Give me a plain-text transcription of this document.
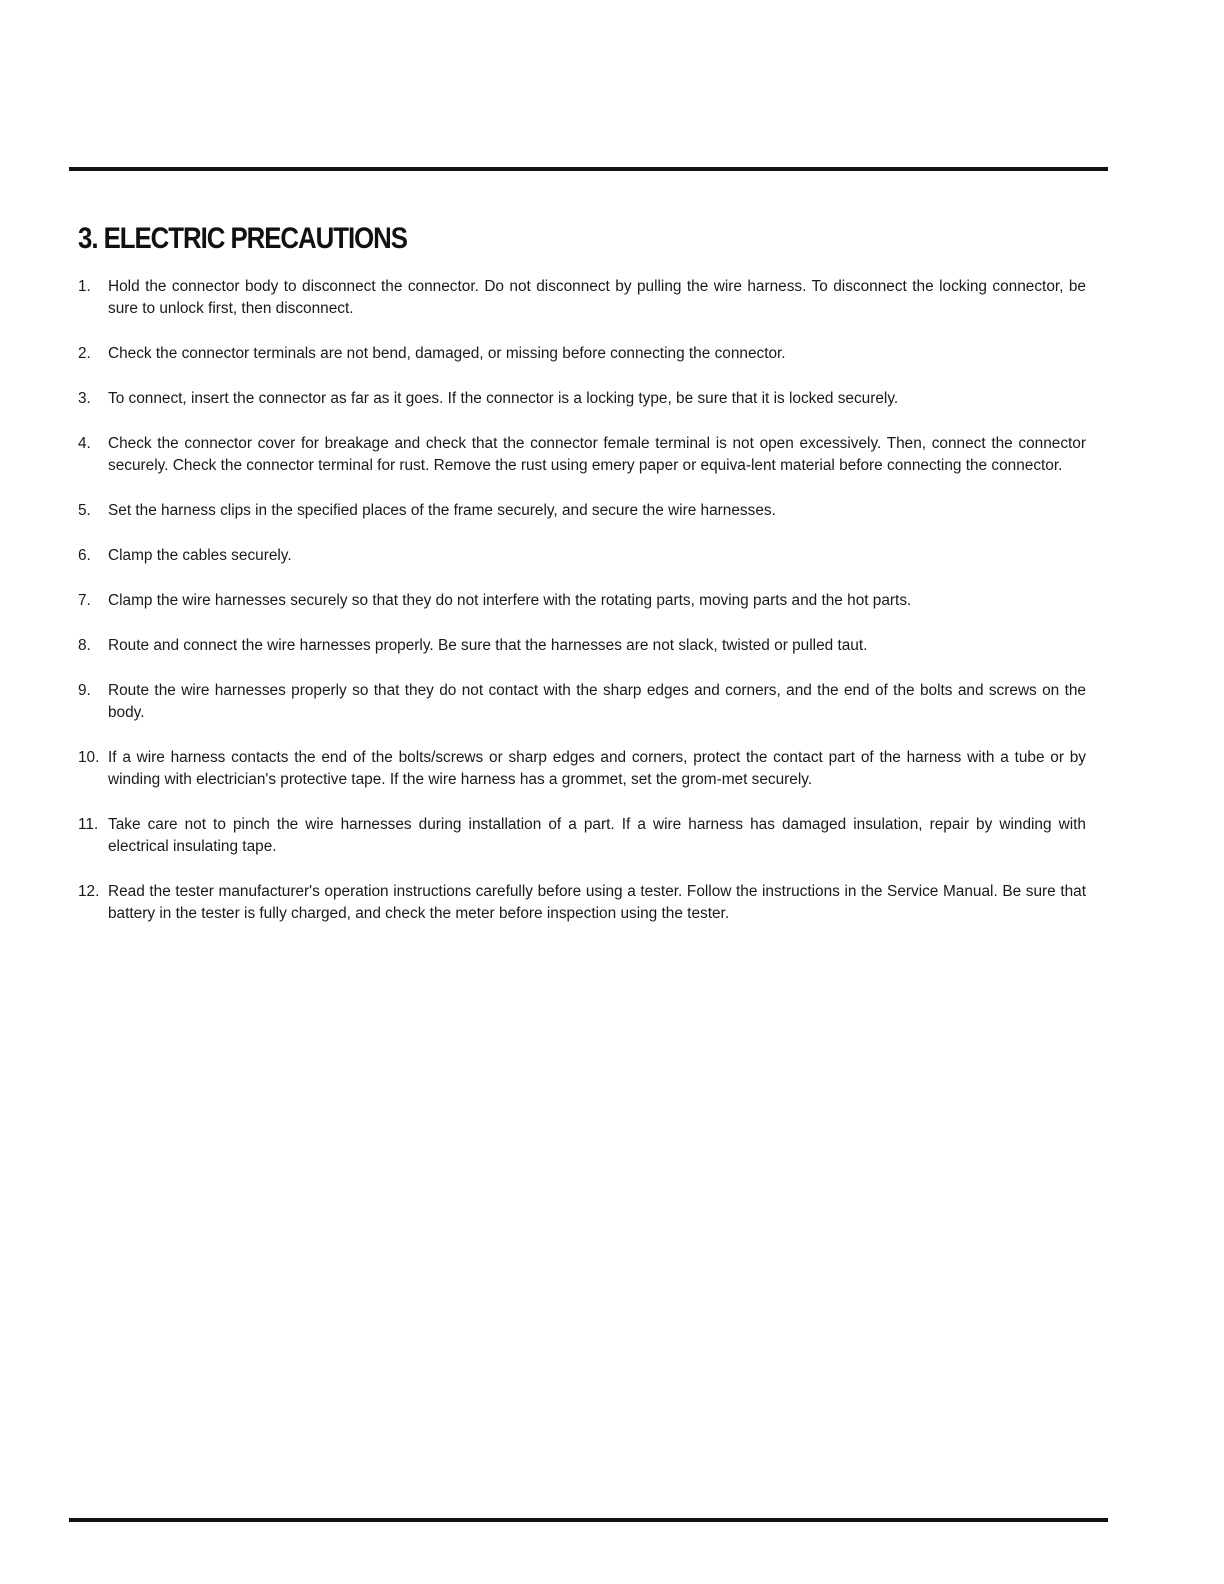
3. ELECTRIC PRECAUTIONS
1. Hold the connector body to disconnect the connector. Do not disconnect by pulling the wire harness. To disconnect the locking connector, be sure to unlock first, then disconnect.
2. Check the connector terminals are not bend, damaged, or missing before connecting the connector.
3. To connect, insert the connector as far as it goes. If the connector is a locking type, be sure that it is locked securely.
4. Check the connector cover for breakage and check that the connector female terminal is not open excessively. Then, connect the connector securely. Check the connector terminal for rust. Remove the rust using emery paper or equiva-lent material before connecting the connector.
5. Set the harness clips in the specified places of the frame securely, and secure the wire harnesses.
6. Clamp the cables securely.
7. Clamp the wire harnesses securely so that they do not interfere with the rotating parts, moving parts and the hot parts.
8. Route and connect the wire harnesses properly. Be sure that the harnesses are not slack, twisted or pulled taut.
9. Route the wire harnesses properly so that they do not contact with the sharp edges and corners, and the end of the bolts and screws on the body.
10. If a wire harness contacts the end of the bolts/screws or sharp edges and corners, protect the contact part of the harness with a tube or by winding with electrician's protective tape. If the wire harness has a grommet, set the grom-met securely.
11. Take care not to pinch the wire harnesses during installation of a part. If a wire harness has damaged insulation, repair by winding with electrical insulating tape.
12. Read the tester manufacturer's operation instructions carefully before using a tester. Follow the instructions in the Service Manual. Be sure that battery in the tester is fully charged, and check the meter before inspection using the tester.
